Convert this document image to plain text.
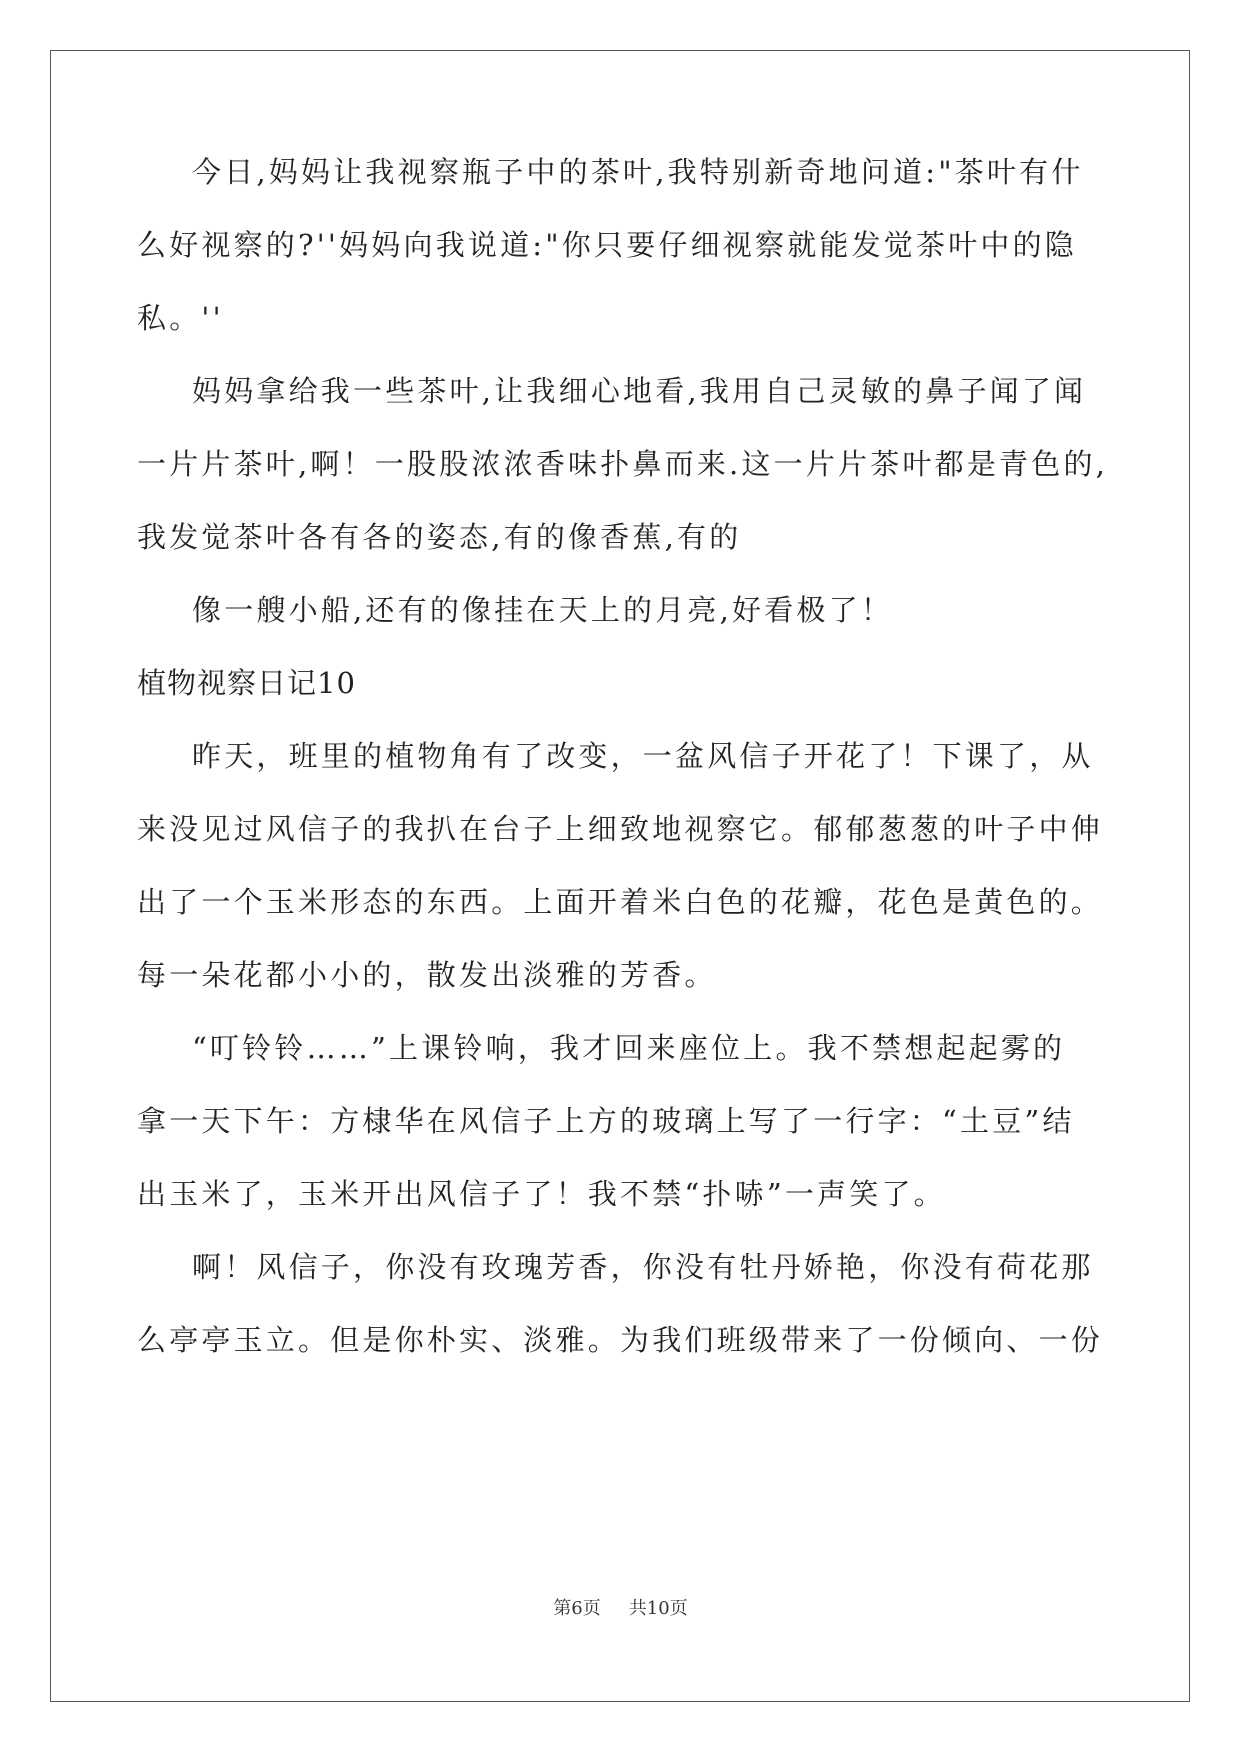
今日,妈妈让我视察瓶子中的茶叶,我特别新奇地问道:"茶叶有什
么好视察的?''妈妈向我说道:"你只要仔细视察就能发觉茶叶中的隐
私。''
妈妈拿给我一些茶叶,让我细心地看,我用自己灵敏的鼻子闻了闻
一片片茶叶,啊！一股股浓浓香味扑鼻而来.这一片片茶叶都是青色的,
我发觉茶叶各有各的姿态,有的像香蕉,有的
像一艘小船,还有的像挂在天上的月亮,好看极了！
植物视察日记10
昨天，班里的植物角有了改变，一盆风信子开花了！下课了，从
来没见过风信子的我扒在台子上细致地视察它。郁郁葱葱的叶子中伸
出了一个玉米形态的东西。上面开着米白色的花瓣，花色是黄色的。
每一朵花都小小的，散发出淡雅的芳香。
“叮铃铃……”上课铃响，我才回来座位上。我不禁想起起雾的
拿一天下午：方棣华在风信子上方的玻璃上写了一行字：“土豆”结
出玉米了，玉米开出风信子了！我不禁“扑哧”一声笑了。
啊！风信子，你没有玫瑰芳香，你没有牡丹娇艳，你没有荷花那
么亭亭玉立。但是你朴实、淡雅。为我们班级带来了一份倾向、一份
第6页 共10页
